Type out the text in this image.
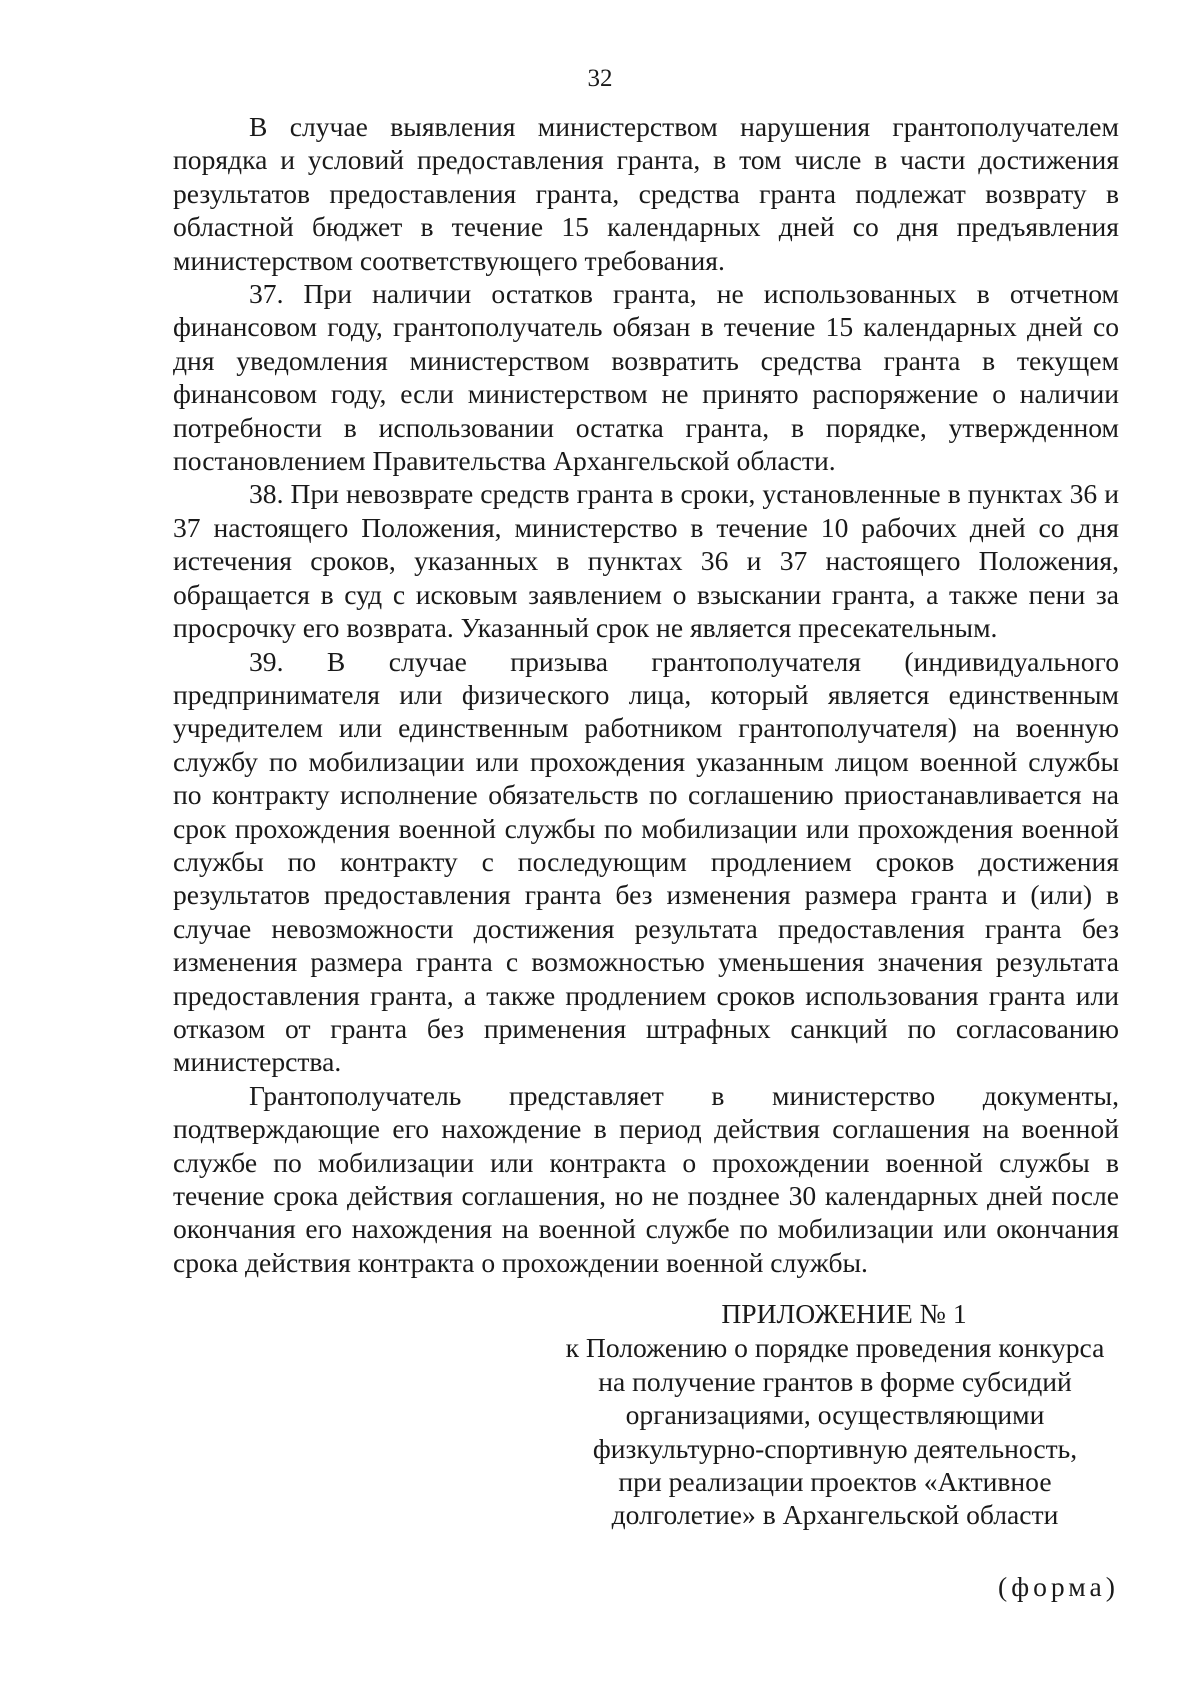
32

В случае выявления министерством нарушения грантополучателем порядка и условий предоставления гранта, в том числе в части достижения результатов предоставления гранта, средства гранта подлежат возврату в областной бюджет в течение 15 календарных дней со дня предъявления министерством соответствующего требования.

37. При наличии остатков гранта, не использованных в отчетном финансовом году, грантополучатель обязан в течение 15 календарных дней со дня уведомления министерством возвратить средства гранта в текущем финансовом году, если министерством не принято распоряжение о наличии потребности в использовании остатка гранта, в порядке, утвержденном постановлением Правительства Архангельской области.

38. При невозврате средств гранта в сроки, установленные в пунктах 36 и 37 настоящего Положения, министерство в течение 10 рабочих дней со дня истечения сроков, указанных в пунктах 36 и 37 настоящего Положения, обращается в суд с исковым заявлением о взыскании гранта, а также пени за просрочку его возврата. Указанный срок не является пресекательным.

39. В случае призыва грантополучателя (индивидуального предпринимателя или физического лица, который является единственным учредителем или единственным работником грантополучателя) на военную службу по мобилизации или прохождения указанным лицом военной службы по контракту исполнение обязательств по соглашению приостанавливается на срок прохождения военной службы по мобилизации или прохождения военной службы по контракту с последующим продлением сроков достижения результатов предоставления гранта без изменения размера гранта и (или) в случае невозможности достижения результата предоставления гранта без изменения размера гранта с возможностью уменьшения значения результата предоставления гранта, а также продлением сроков использования гранта или отказом от гранта без применения штрафных санкций по согласованию министерства.

Грантополучатель представляет в министерство документы, подтверждающие его нахождение в период действия соглашения на военной службе по мобилизации или контракта о прохождении военной службы в течение срока действия соглашения, но не позднее 30 календарных дней после окончания его нахождения на военной службе по мобилизации или окончания срока действия контракта о прохождении военной службы.

ПРИЛОЖЕНИЕ № 1

к Положению о порядке проведения конкурса

на получение грантов в форме субсидий

организациями, осуществляющими

физкультурно-спортивную деятельность,

при реализации проектов «Активное

долголетие» в Архангельской области

(форма)
